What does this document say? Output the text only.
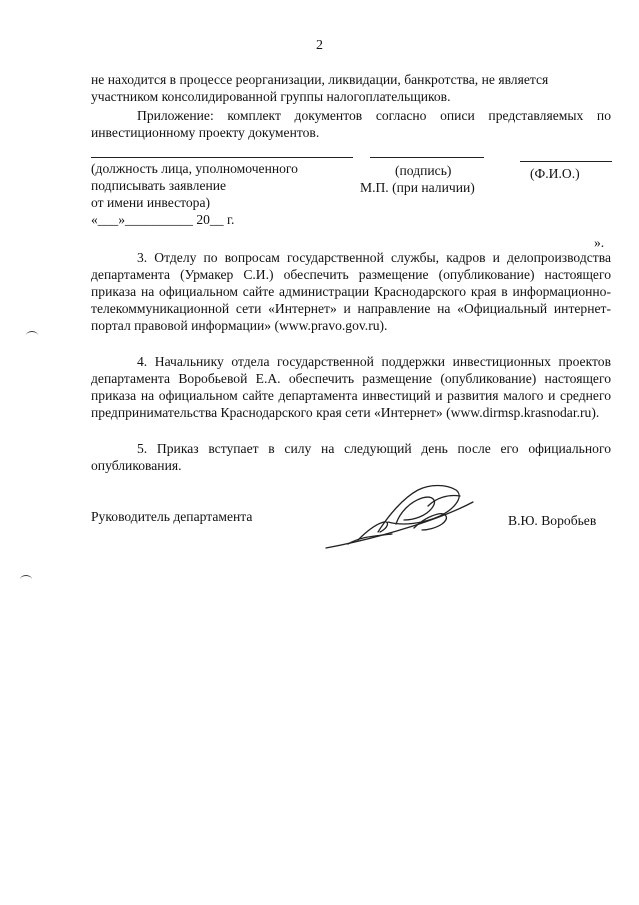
2
не находится в процессе реорганизации, ликвидации, банкротства, не является
участником консолидированной группы налогоплательщиков.
Приложение: комплект документов согласно описи представляемых по инвестиционному проекту документов.
(должность лица, уполномоченного	(подпись)	(Ф.И.О.)
подписывать заявление	М.П. (при наличии)
от имени инвестора)
«___»__________ 20__ г.
».
3. Отделу по вопросам государственной службы, кадров и делопроизводства департамента (Урмакер С.И.) обеспечить размещение (опубликование) настоящего приказа на официальном сайте администрации Краснодарского края в информационно-телекоммуникационной сети «Интернет» и направление на «Официальный интернет-портал правовой информации» (www.pravo.gov.ru).
4. Начальнику отдела государственной поддержки инвестиционных проектов департамента Воробьевой Е.А. обеспечить размещение (опубликование) настоящего приказа на официальном сайте департамента инвестиций и развития малого и среднего предпринимательства Краснодарского края сети «Интернет» (www.dirmsp.krasnodar.ru).
5. Приказ вступает в силу на следующий день после его официального опубликования.
Руководитель департамента	В.Ю. Воробьев
